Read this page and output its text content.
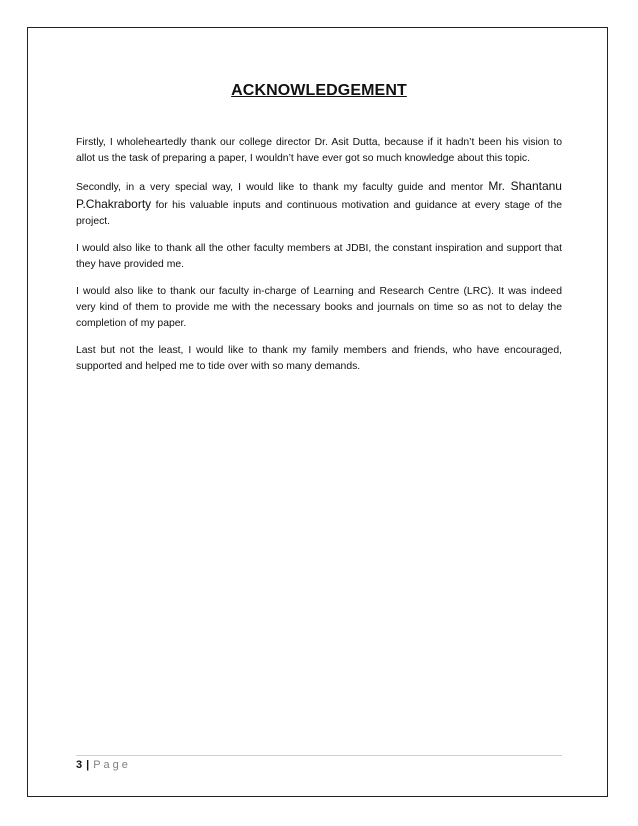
ACKNOWLEDGEMENT

Firstly, I wholeheartedly thank our college director Dr. Asit Dutta, because if it hadn’t been his vision to allot us the task of preparing a paper, I wouldn’t have ever got so much knowledge about this topic.

Secondly, in a very special way, I would like to thank my faculty guide and mentor Mr. Shantanu P.Chakraborty for his valuable inputs and continuous motivation and guidance at every stage of the project.

I would also like to thank all the other faculty members at JDBI, the constant inspiration and support that they have provided me.

I would also like to thank our faculty in-charge of Learning and Research Centre (LRC). It was indeed very kind of them to provide me with the necessary books and journals on time so as not to delay the completion of my paper.

Last but not the least, I would like to thank my family members and friends, who have encouraged, supported and helped me to tide over with so many demands.

3 | Page
